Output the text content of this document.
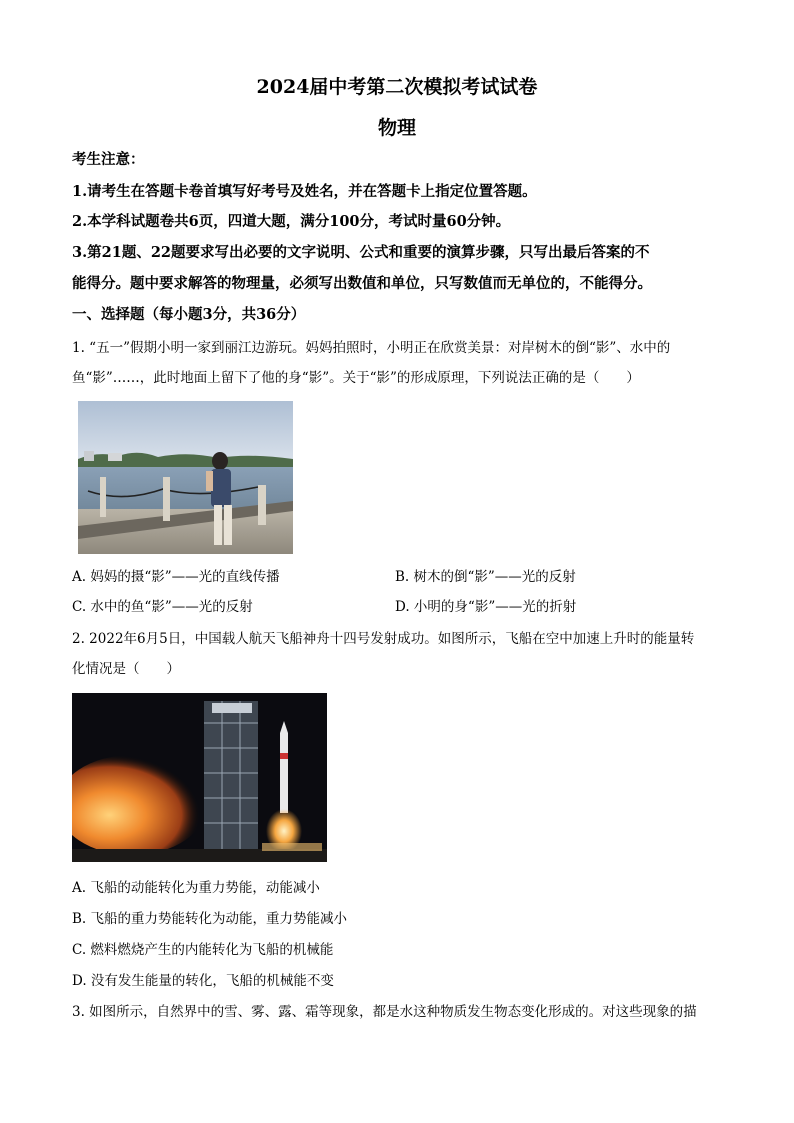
2024届中考第二次模拟考试试卷
物理
考生注意：
1.请考生在答题卡卷首填写好考号及姓名，并在答题卡上指定位置答题。
2.本学科试题卷共6页，四道大题，满分100分，考试时量60分钟。
3.第21题、22题要求写出必要的文字说明、公式和重要的演算步骤，只写出最后答案的不
能得分。题中要求解答的物理量，必须写出数值和单位，只写数值而无单位的，不能得分。
一、选择题（每小题3分，共36分）
1. “五一”假期小明一家到丽江边游玩。妈妈拍照时，小明正在欣赏美景：对岸树木的倒“影”、水中的
鱼“影”……，此时地面上留下了他的身“影”。关于“影”的形成原理，下列说法正确的是（　　）
A. 妈妈的摄“影”——光的直线传播	B. 树木的倒“影”——光的反射
C. 水中的鱼“影”——光的反射	D. 小明的身“影”——光的折射
2. 2022年6月5日，中国载人航天飞船神舟十四号发射成功。如图所示，飞船在空中加速上升时的能量转
化情况是（　　）
A. 飞船的动能转化为重力势能，动能减小
B. 飞船的重力势能转化为动能，重力势能减小
C. 燃料燃烧产生的内能转化为飞船的机械能
D. 没有发生能量的转化，飞船的机械能不变
3. 如图所示，自然界中的雪、雾、露、霜等现象，都是水这种物质发生物态变化形成的。对这些现象的描
